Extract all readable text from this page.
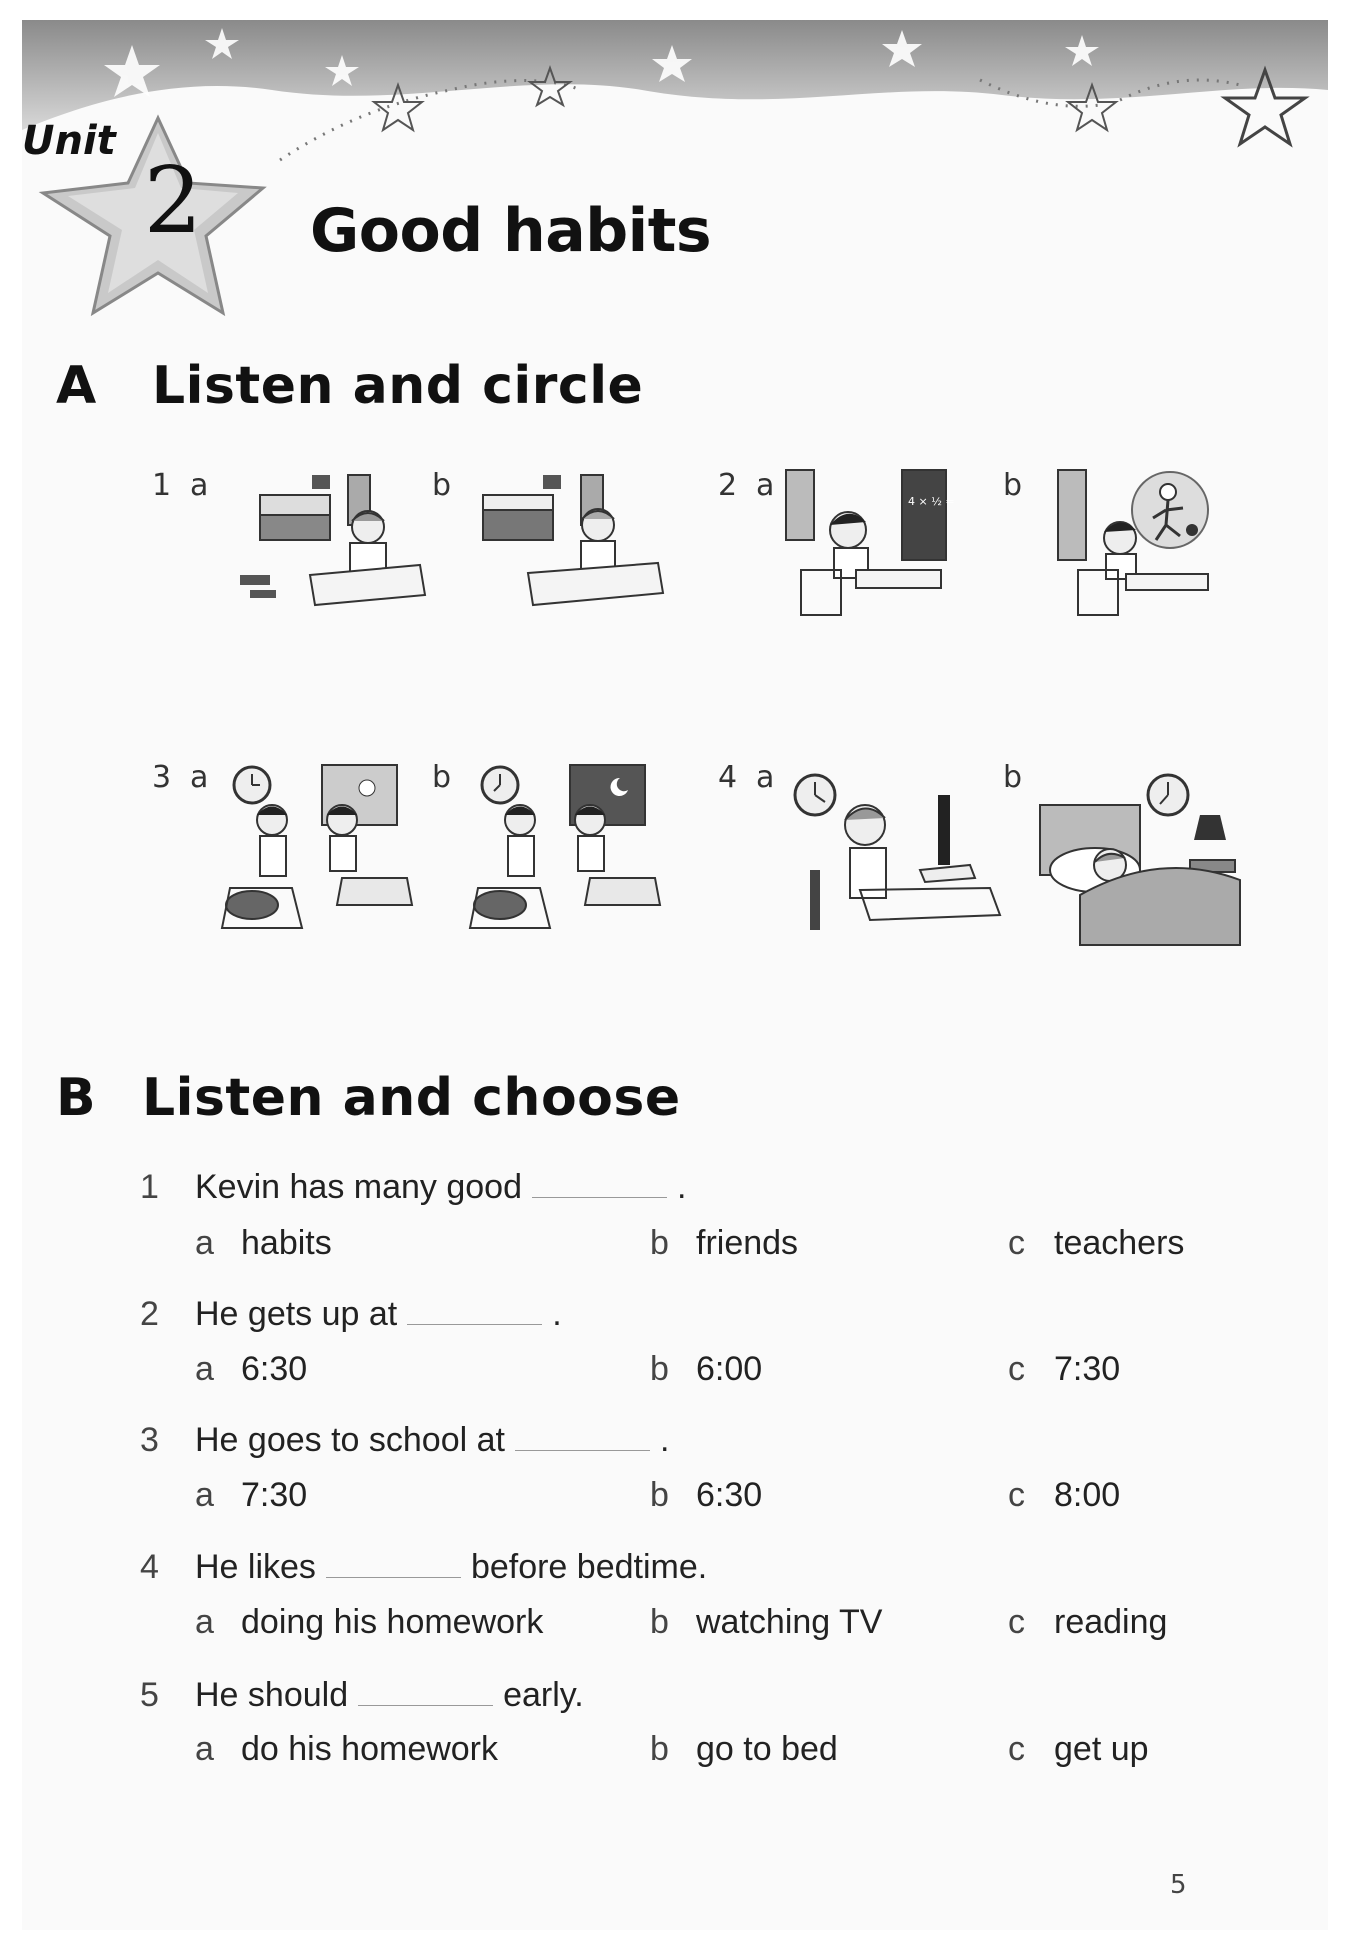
Unit
2 Good habits
A Listen and circle
1 a	b	2 a	4 × ½ = b
3 a	b	4 a	b
B Listen and choose
1 Kevin has many good	.
a habits	b friends	c teachers
2 He gets up at	.
a 6:30	b 6:00	c 7:30
3 He goes to school at	.
a 7:30	b 6:30	c 8:00
4 He likes	before bedtime.
a doing his homework	b watching TV	c reading
5 He should	early.
a do his homework	b go to bed	c get up
5
